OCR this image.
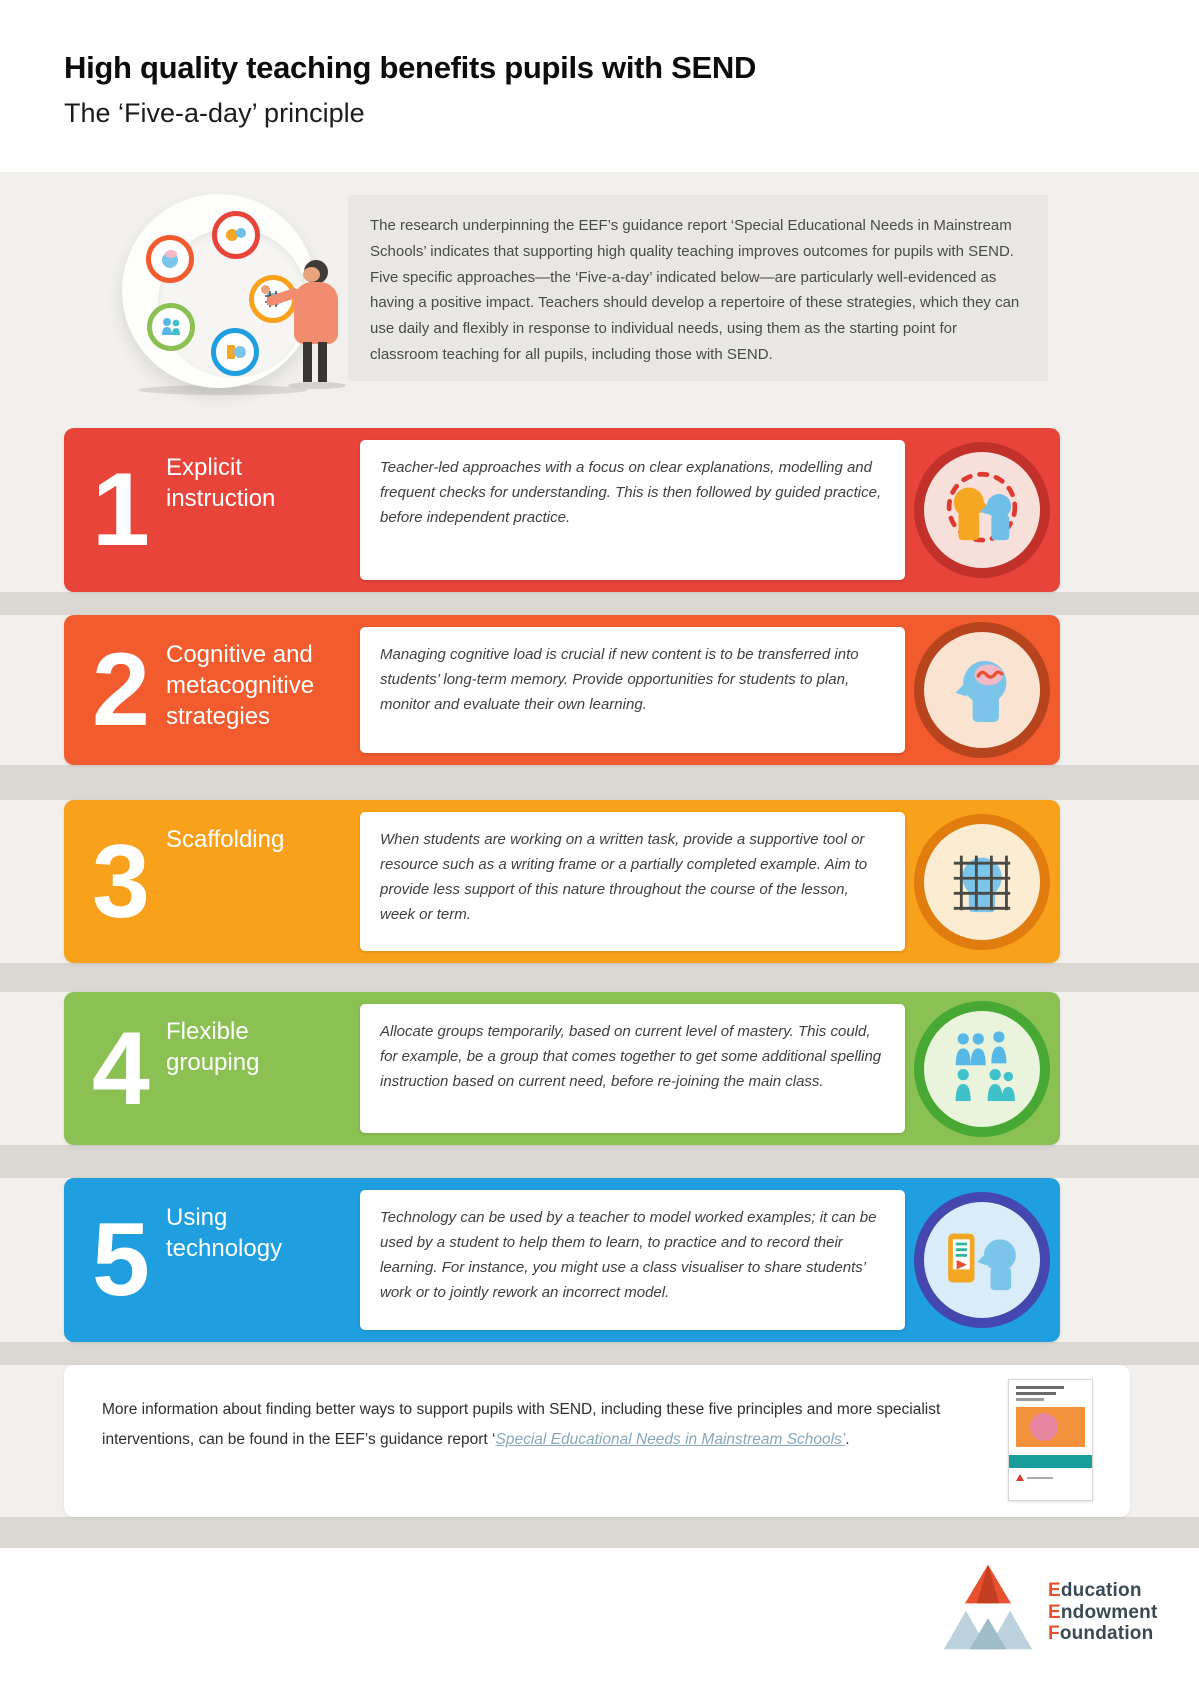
High quality teaching benefits pupils with SEND
The ‘Five-a-day’ principle

The research underpinning the EEF’s guidance report ‘Special Educational Needs in Mainstream Schools’ indicates that supporting high quality teaching improves outcomes for pupils with SEND. Five specific approaches—the ‘Five-a-day’ indicated below—are particularly well-evidenced as having a positive impact. Teachers should develop a repertoire of these strategies, which they can use daily and flexibly in response to individual needs, using them as the starting point for classroom teaching for all pupils, including those with SEND.

1 Explicit instruction

Teacher-led approaches with a focus on clear explanations, modelling and frequent checks for understanding. This is then followed by guided practice, before independent practice.

2 Cognitive and metacognitive strategies

Managing cognitive load is crucial if new content is to be transferred into students’ long-term memory. Provide opportunities for students to plan, monitor and evaluate their own learning.

3 Scaffolding	When students are working on a written task, provide a supportive tool or resource such as a writing frame or a partially completed example. Aim to provide less support of this nature throughout the course of the lesson, week or term.

4 Flexible grouping

Allocate groups temporarily, based on current level of mastery. This could, for example, be a group that comes together to get some additional spelling instruction based on current need, before re-joining the main class.

5 Using technology

Technology can be used by a teacher to model worked examples; it can be used by a student to help them to learn, to practice and to record their learning. For instance, you might use a class visualiser to share students’ work or to jointly rework an incorrect model.

More information about finding better ways to support pupils with SEND, including these five principles and more specialist interventions, can be found in the EEF’s guidance report ‘Special Educational Needs in Mainstream Schools’.

Education
Endowment
Foundation
